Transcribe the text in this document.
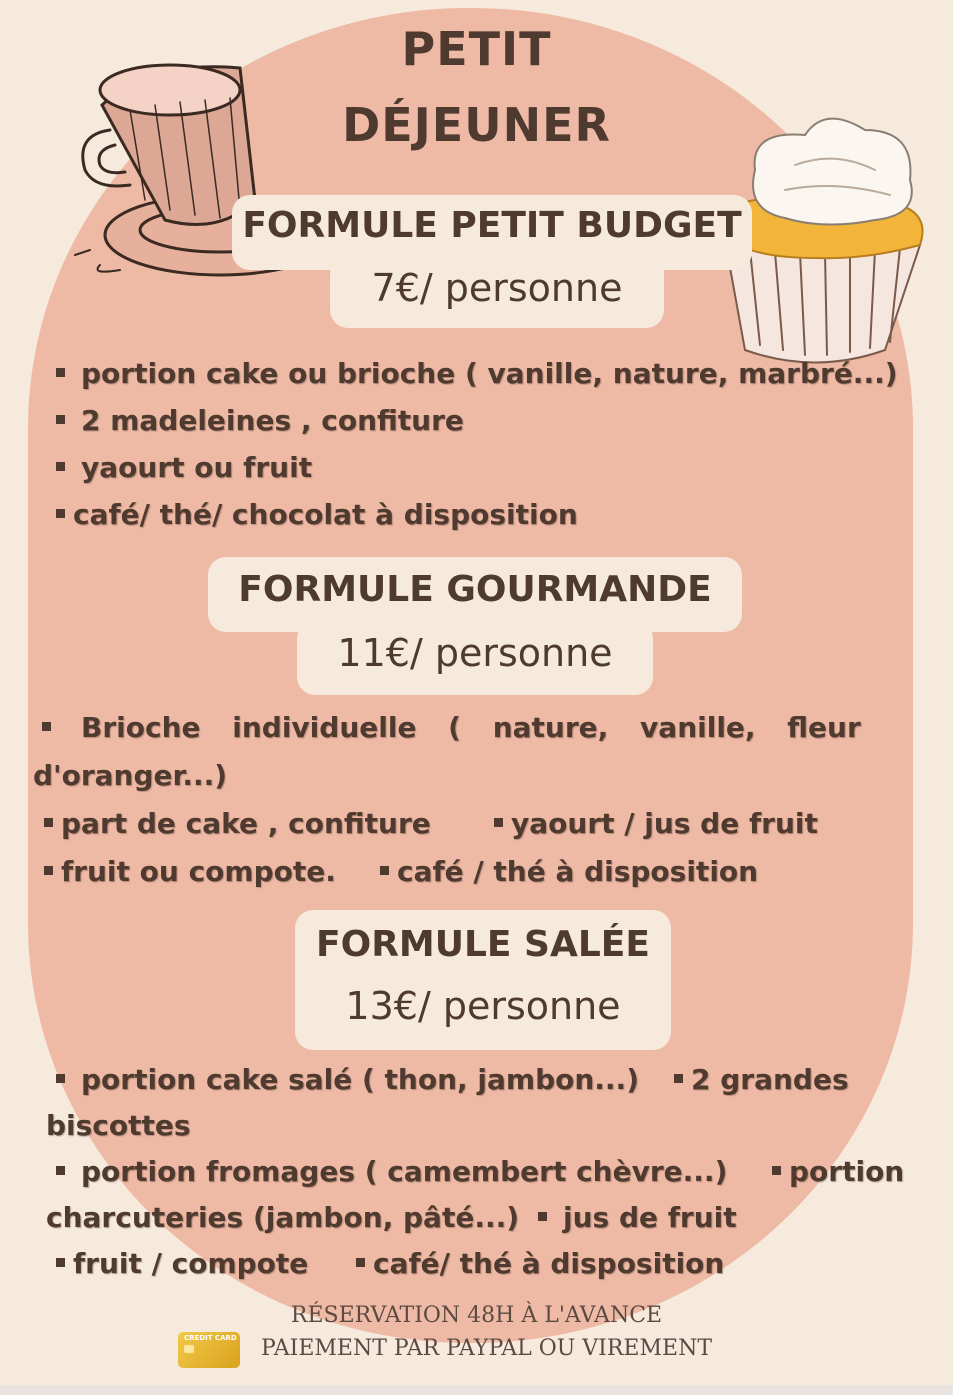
PETIT
DÉJEUNER
FORMULE PETIT BUDGET
7€/ personne
portion cake ou brioche ( vanille, nature, marbré...)
2 madeleines , confiture
yaourt ou fruit
café/ thé/ chocolat à disposition
FORMULE GOURMANDE
11€/ personne
Brioche individuelle ( nature, vanille, fleur
d'oranger...)
part de cake , confiture	yaourt / jus de fruit
fruit ou compote.	café / thé à disposition
FORMULE SALÉE
13€/ personne
portion cake salé ( thon, jambon...)	2 grandes
biscottes
portion fromages ( camembert chèvre...)	portion
charcuteries (jambon, pâté...)	jus de fruit
fruit / compote	café/ thé à disposition
RÉSERVATION 48H À L'AVANCE
CREDIT CARD	PAIEMENT PAR PAYPAL OU VIREMENT
